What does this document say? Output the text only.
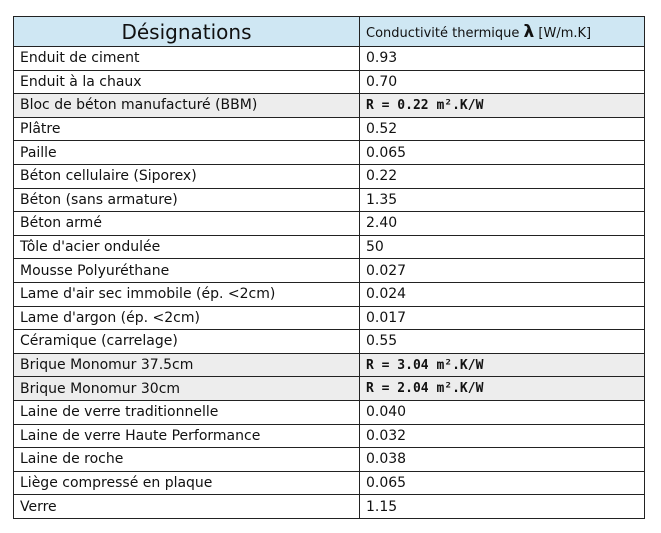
Désignations	Conductivité thermique λ [W/m.K]
Enduit de ciment	0.93
Enduit à la chaux	0.70
Bloc de béton manufacturé (BBM)	R = 0.22 m².K/W
Plâtre	0.52
Paille	0.065
Béton cellulaire (Siporex)	0.22
Béton (sans armature)	1.35
Béton armé	2.40
Tôle d'acier ondulée	50
Mousse Polyuréthane	0.027
Lame d'air sec immobile (ép. <2cm)	0.024
Lame d'argon (ép. <2cm)	0.017
Céramique (carrelage)	0.55
Brique Monomur 37.5cm	R = 3.04 m².K/W
Brique Monomur 30cm	R = 2.04 m².K/W
Laine de verre traditionnelle	0.040
Laine de verre Haute Performance	0.032
Laine de roche	0.038
Liège compressé en plaque	0.065
Verre	1.15
